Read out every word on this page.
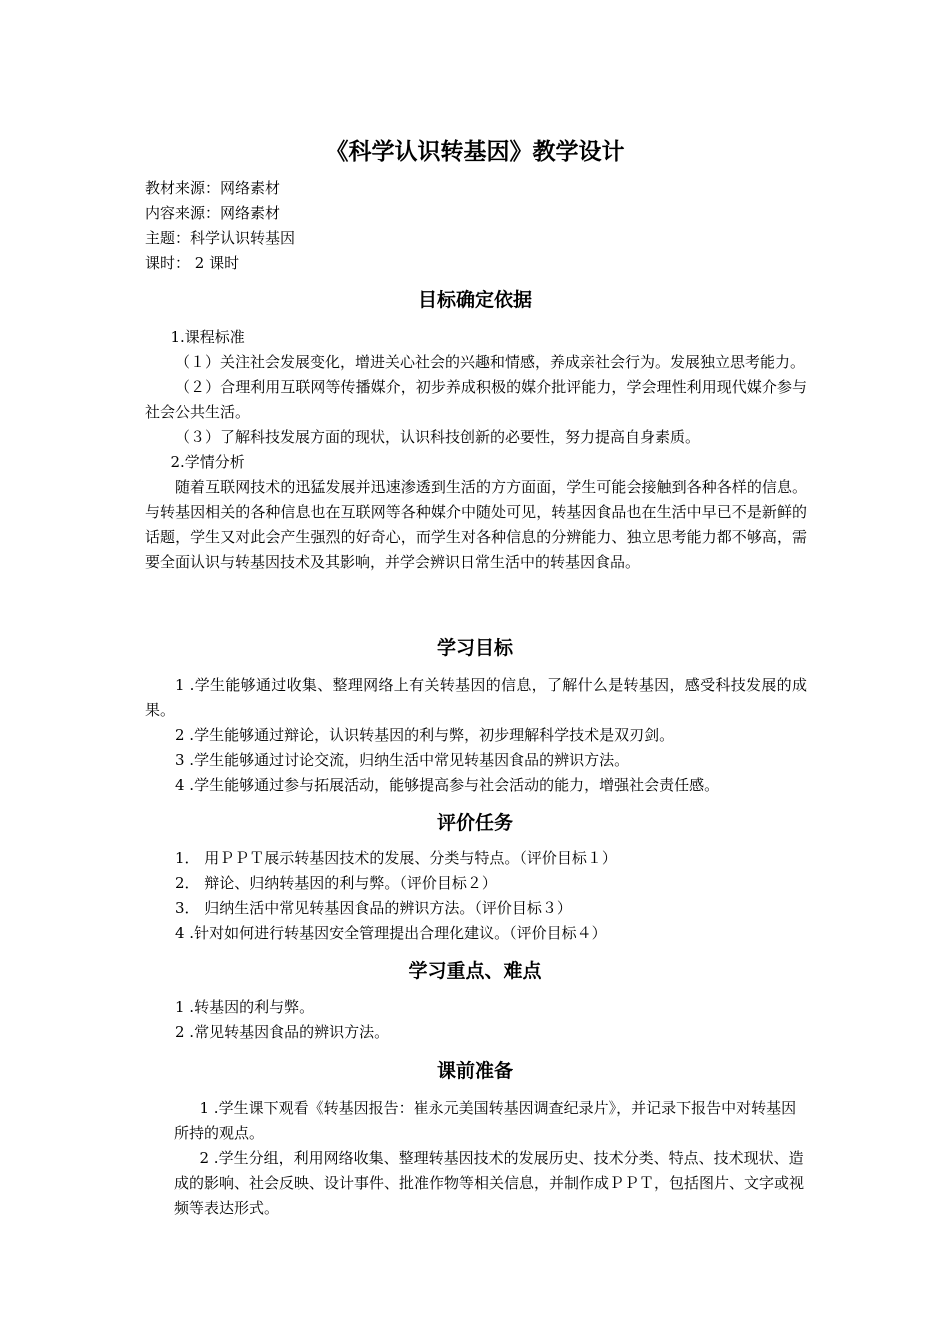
《科学认识转基因》教学设计
教材来源：网络素材
内容来源：网络素材
主题：科学认识转基因
课时： 2 课时
目标确定依据
1.课程标准
（１）关注社会发展变化，增进关心社会的兴趣和情感，养成亲社会行为。发展独立思考能力。
（２）合理利用互联网等传播媒介，初步养成积极的媒介批评能力，学会理性利用现代媒介参与社会公共生活。
（３）了解科技发展方面的现状，认识科技创新的必要性，努力提高自身素质。
2.学情分析
随着互联网技术的迅猛发展并迅速渗透到生活的方方面面，学生可能会接触到各种各样的信息。与转基因相关的各种信息也在互联网等各种媒介中随处可见，转基因食品也在生活中早已不是新鲜的话题，学生又对此会产生强烈的好奇心，而学生对各种信息的分辨能力、独立思考能力都不够高，需要全面认识与转基因技术及其影响，并学会辨识日常生活中的转基因食品。
学习目标
1 .学生能够通过收集、整理网络上有关转基因的信息，了解什么是转基因，感受科技发展的成果。
2 .学生能够通过辩论，认识转基因的利与弊，初步理解科学技术是双刃剑。
3 .学生能够通过讨论交流，归纳生活中常见转基因食品的辨识方法。
4 .学生能够通过参与拓展活动，能够提高参与社会活动的能力，增强社会责任感。
评价任务
1． 用ＰＰＴ展示转基因技术的发展、分类与特点。（评价目标１）
2． 辩论、归纳转基因的利与弊。（评价目标２）
3． 归纳生活中常见转基因食品的辨识方法。（评价目标３）
4 .针对如何进行转基因安全管理提出合理化建议。（评价目标４）
学习重点、难点
1 .转基因的利与弊。
2 .常见转基因食品的辨识方法。
课前准备
1 .学生课下观看《转基因报告：崔永元美国转基因调查纪录片》，并记录下报告中对转基因所持的观点。
2 .学生分组，利用网络收集、整理转基因技术的发展历史、技术分类、特点、技术现状、造成的影响、社会反映、设计事件、批准作物等相关信息，并制作成ＰＰＴ，包括图片、文字或视频等表达形式。
